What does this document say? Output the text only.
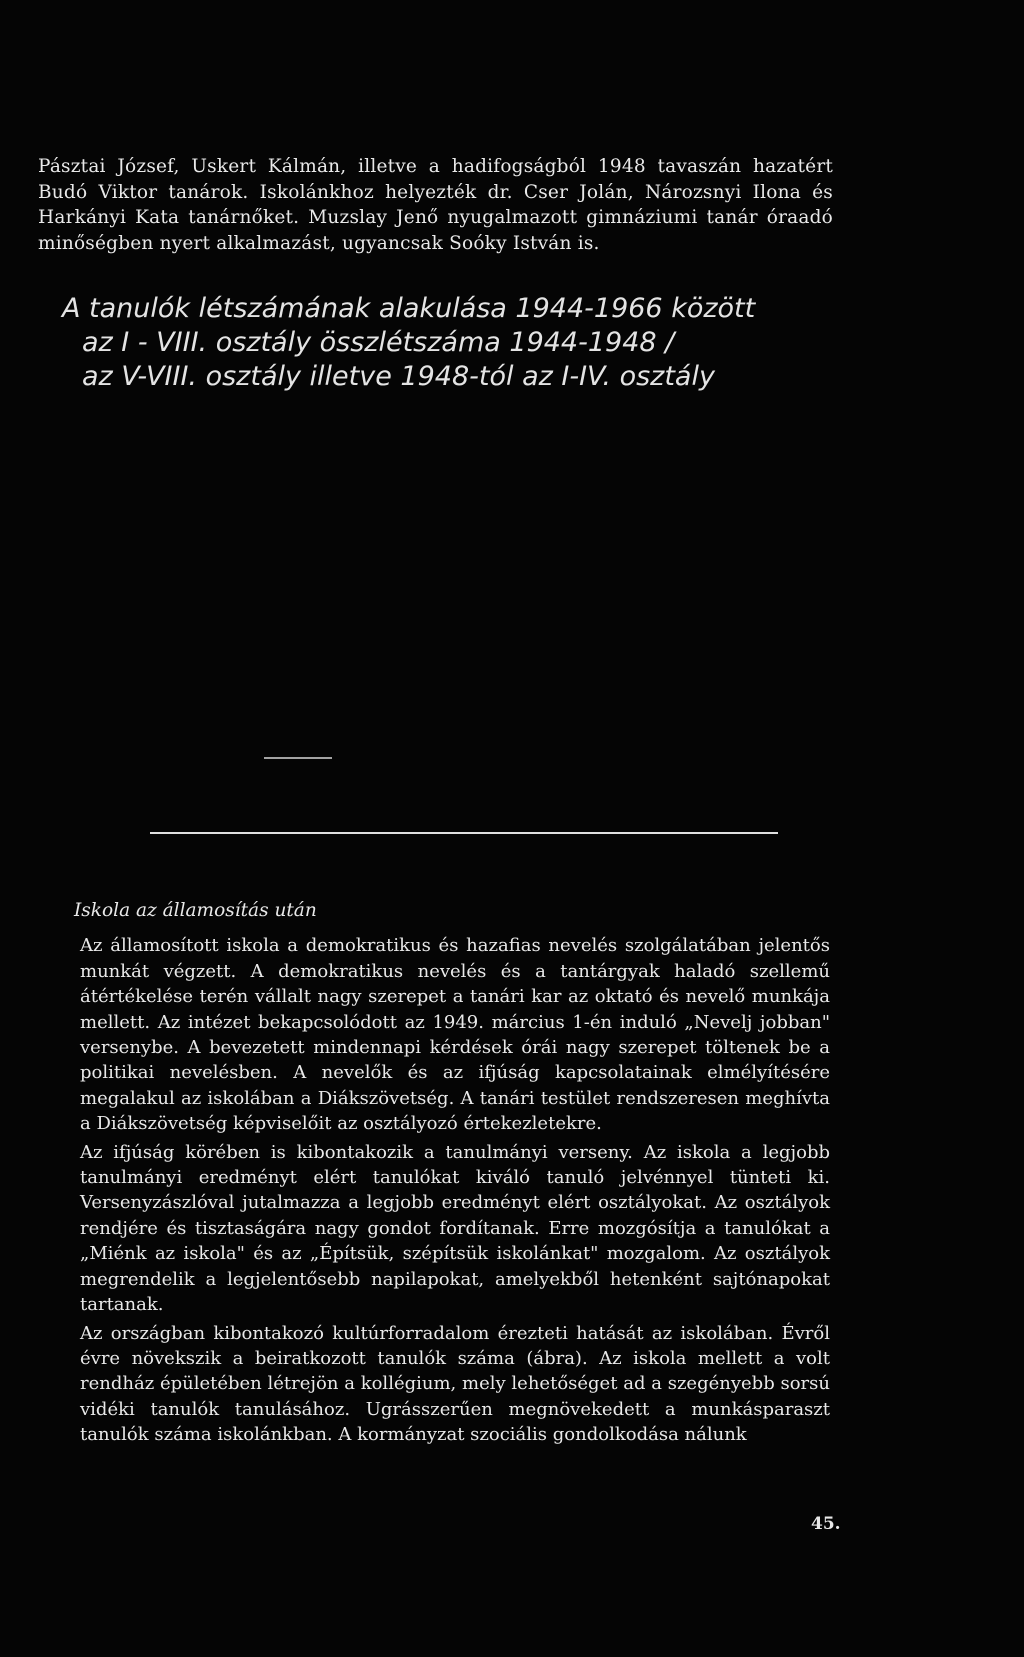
Pásztai József, Uskert Kálmán, illetve a hadifogságból 1948 tavaszán hazatért Budó Viktor tanárok. Iskolánkhoz helyezték dr. Cser Jolán, Nározsnyi Ilona és Harkányi Kata tanárnőket. Muzslay Jenő nyugalmazott gimnáziumi tanár óraadó minőségben nyert alkalmazást, ugyancsak Soóky István is.

A tanulók létszámának alakulása 1944-1966 között
az I - VIII. osztály összlétszáma 1944-1948 /
az V-VIII. osztály illetve 1948-tól az I-IV. osztály
Iskola az államosítás után

Az államosított iskola a demokratikus és hazafias nevelés szolgálatában jelentős munkát végzett. A demokratikus nevelés és a tantárgyak haladó szellemű átértékelése terén vállalt nagy szerepet a tanári kar az oktató és nevelő munkája mellett. Az intézet bekapcsolódott az 1949. március 1-én induló „Nevelj jobban" versenybe. A bevezetett mindennapi kérdések órái nagy szerepet töltenek be a politikai nevelésben. A nevelők és az ifjúság kapcsolatainak elmélyítésére megalakul az iskolában a Diákszövetség. A tanári testület rendszeresen meghívta a Diákszövetség képviselőit az osztályozó értekezletekre.

Az ifjúság körében is kibontakozik a tanulmányi verseny. Az iskola a legjobb tanulmányi eredményt elért tanulókat kiváló tanuló jelvénnyel tünteti ki. Versenyzászlóval jutalmazza a legjobb eredményt elért osztályokat. Az osztályok rendjére és tisztaságára nagy gondot fordítanak. Erre mozgósítja a tanulókat a „Miénk az iskola" és az „Építsük, szépítsük iskolánkat" mozgalom. Az osztályok megrendelik a legjelentősebb napilapokat, amelyekből hetenként sajtónapokat tartanak.

Az országban kibontakozó kultúrforradalom érezteti hatását az iskolában. Évről évre növekszik a beiratkozott tanulók száma (ábra). Az iskola mellett a volt rendház épületében létrejön a kollégium, mely lehetőséget ad a szegényebb sorsú vidéki tanulók tanulásához. Ugrásszerűen megnövekedett a munkásparaszt tanulók száma iskolánkban. A kormányzat szociális gondolkodása nálunk

45.
